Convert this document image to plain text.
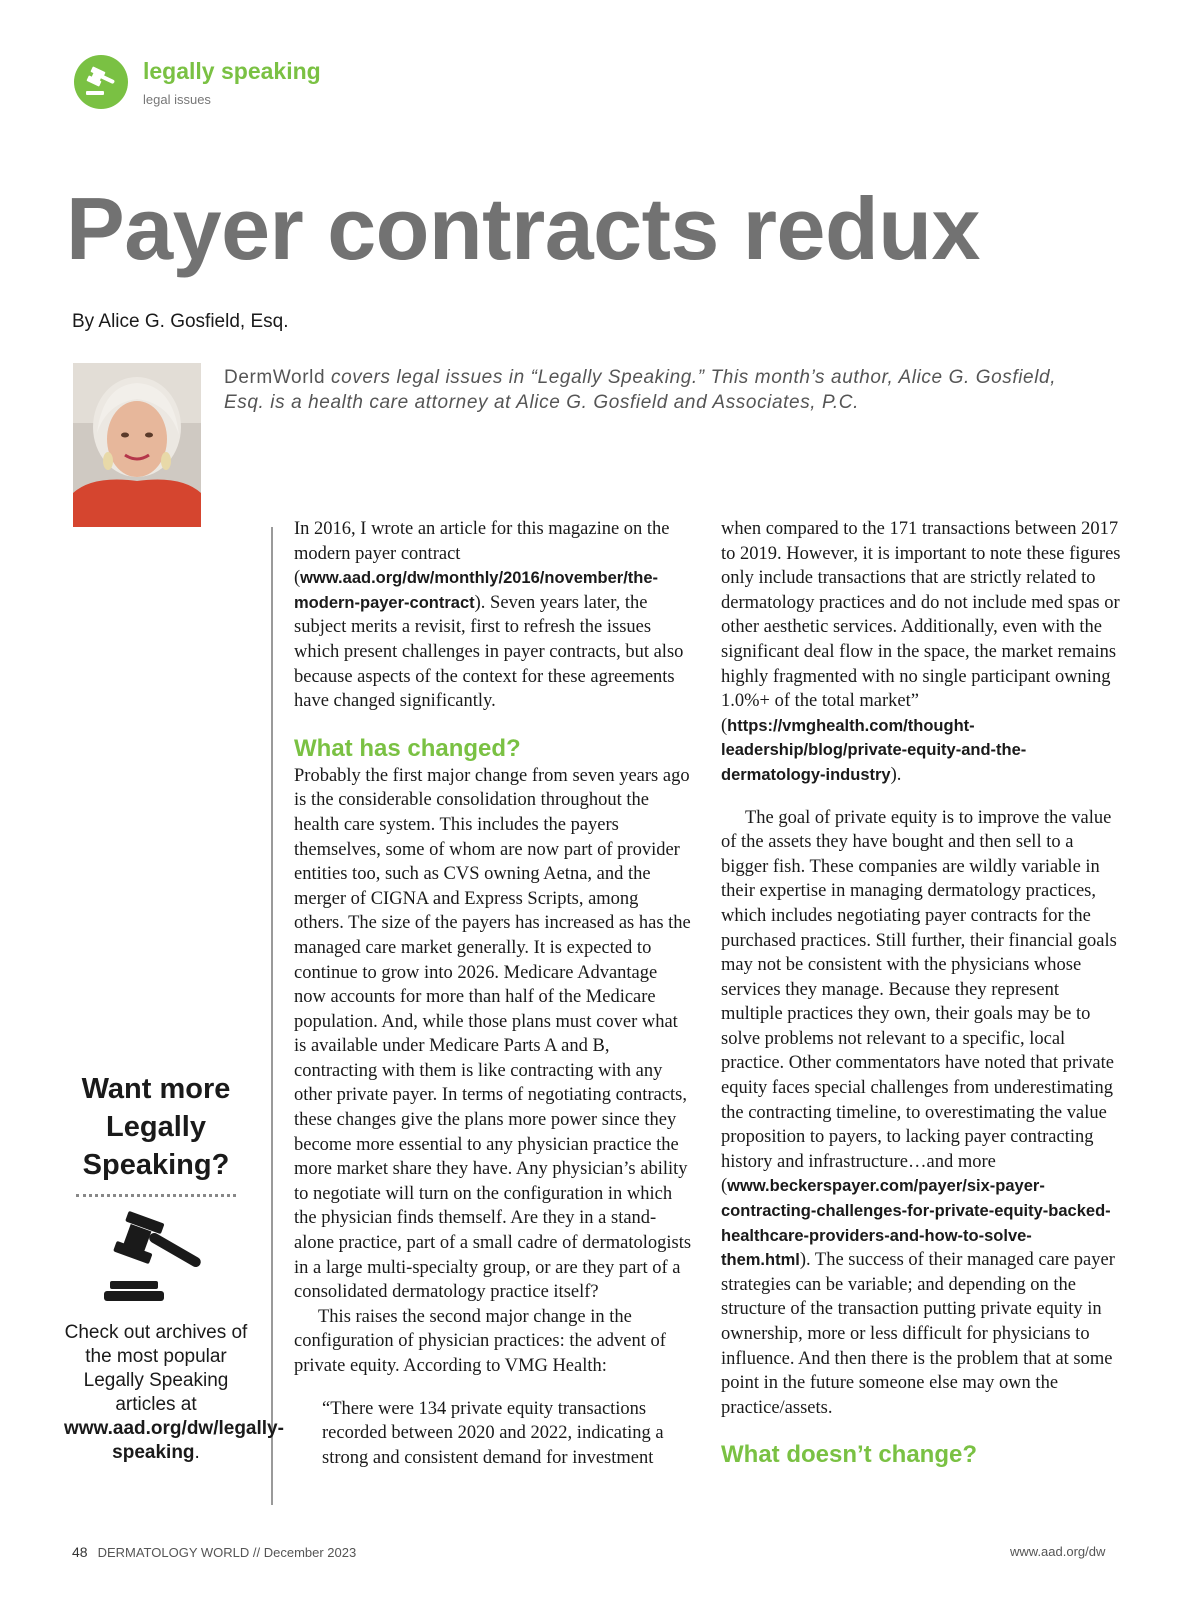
legally speaking
legal issues
Payer contracts redux
By Alice G. Gosfield, Esq.
DermWorld covers legal issues in “Legally Speaking.” This month’s author, Alice G. Gosfield, Esq. is a health care attorney at Alice G. Gosfield and Associates, P.C.
Want more Legally Speaking?
Check out archives of the most popular Legally Speaking articles at www.aad.org/dw/legally-speaking.

In 2016, I wrote an article for this magazine on the modern payer contract (www.aad.org/dw/monthly/2016/november/the-modern-payer-contract). Seven years later, the subject merits a revisit, first to refresh the issues which present challenges in payer contracts, but also because aspects of the context for these agreements have changed significantly.

What has changed?

Probably the first major change from seven years ago is the considerable consolidation throughout the health care system. This includes the payers themselves, some of whom are now part of provider entities too, such as CVS owning Aetna, and the merger of CIGNA and Express Scripts, among others. The size of the payers has increased as has the managed care market generally. It is expected to continue to grow into 2026. Medicare Advantage now accounts for more than half of the Medicare population. And, while those plans must cover what is available under Medicare Parts A and B, contracting with them is like contracting with any other private payer. In terms of negotiating contracts, these changes give the plans more power since they become more essential to any physician practice the more market share they have. Any physician’s ability to negotiate will turn on the configuration in which the physician finds themself. Are they in a stand-alone practice, part of a small cadre of dermatologists in a large multi-specialty group, or are they part of a consolidated dermatology practice itself?

This raises the second major change in the configuration of physician practices: the advent of private equity. According to VMG Health:

“There were 134 private equity transactions recorded between 2020 and 2022, indicating a strong and consistent demand for investment

when compared to the 171 transactions between 2017 to 2019. However, it is important to note these figures only include transactions that are strictly related to dermatology practices and do not include med spas or other aesthetic services. Additionally, even with the significant deal flow in the space, the market remains highly fragmented with no single participant owning 1.0%+ of the total market” (https://vmghealth.com/thought-leadership/blog/private-equity-and-the-dermatology-industry).

The goal of private equity is to improve the value of the assets they have bought and then sell to a bigger fish. These companies are wildly variable in their expertise in managing dermatology practices, which includes negotiating payer contracts for the purchased practices. Still further, their financial goals may not be consistent with the physicians whose services they manage. Because they represent multiple practices they own, their goals may be to solve problems not relevant to a specific, local practice. Other commentators have noted that private equity faces special challenges from underestimating the contracting timeline, to overestimating the value proposition to payers, to lacking payer contracting history and infrastructure…and more (www.beckerspayer.com/payer/six-payer-contracting-challenges-for-private-equity-backed-healthcare-providers-and-how-to-solve-them.html). The success of their managed care payer strategies can be variable; and depending on the structure of the transaction putting private equity in ownership, more or less difficult for physicians to influence. And then there is the problem that at some point in the future someone else may own the practice/assets.

What doesn’t change?
48 DERMATOLOGY WORLD // December 2023	www.aad.org/dw
